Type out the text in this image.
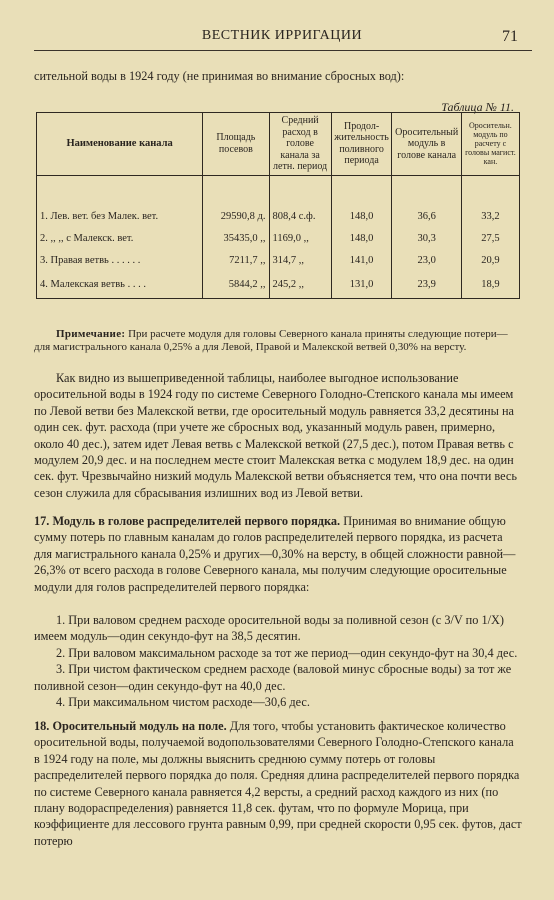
ВЕСТНИК ИРРИГАЦИИ	71
сительной воды в 1924 году (не принимая во внимание сбросных вод):
Таблица № 11.
Наименование канала	Площадь посевов	Средний расход в голове канала за летн. период	Продол-жительность поливного периода	Оросительный модуль в голове канала	Оросительн. модуль по расчету с головы магист. кан.

1. Лев. вет. без Малек. вет.	29590,8 д.	808,4 с.ф.	148,0	36,6	33,2
2. ,, ,, с Малекск. вет.	35435,0 ,,	1169,0 ,,	148,0	30,3	27,5
3. Правая ветвь . . . . . .	7211,7 ,,	314,7 ,,	141,0	23,0	20,9
4. Малекская ветвь . . . .	5844,2 ,,	245,2 ,,	131,0	23,9	18,9
Примечание: При расчете модуля для головы Северного канала приняты следующие потери—для магистрального канала 0,25% а для Левой, Правой и Малекской ветвей 0,30% на версту.
Как видно из вышеприведенной таблицы, наиболее выгодное использование оросительной воды в 1924 году по системе Северного Голодно-Степского канала мы имеем по Левой ветви без Малекской ветви, где оросительный модуль равняется 33,2 десятины на один сек. фут. расхода (при учете же сбросных вод, указанный модуль равен, примерно, около 40 дес.), затем идет Левая ветвь с Малекской веткой (27,5 дес.), потом Правая ветвь с модулем 20,9 дес. и на последнем месте стоит Малекская ветка с модулем 18,9 дес. на один сек. фут. Чрезвычайно низкий модуль Малекской ветви объясняется тем, что она почти весь сезон служила для сбрасывания излишних вод из Левой ветви.
17. Модуль в голове распределителей первого порядка. Принимая во внимание общую сумму потерь по главным каналам до голов распределителей первого порядка, из расчета для магистрального канала 0,25% и других—0,30% на версту, в общей сложности равной—26,3% от всего расхода в голове Северного канала, мы получим следующие оросительные модули для голов распределителей первого порядка:
1. При валовом среднем расходе оросительной воды за поливной сезон (с 3/V по 1/X) имеем модуль—один секундо-фут на 38,5 десятин.
2. При валовом максимальном расходе за тот же период—один секундо-фут на 30,4 дес.
3. При чистом фактическом среднем расходе (валовой минус сбросные воды) за тот же поливной сезон—один секундо-фут на 40,0 дес.
4. При максимальном чистом расходе—30,6 дес.
18. Оросительный модуль на поле. Для того, чтобы установить фактическое количество оросительной воды, получаемой водопользователями Северного Голодно-Степского канала в 1924 году на поле, мы должны выяснить среднюю сумму потерь от головы распределителей первого порядка до поля. Средняя длина распределителей первого порядка по системе Северного канала равняется 4,2 версты, а средний расход каждого из них (по плану водораспределения) равняется 11,8 сек. футам, что по формуле Морица, при коэффициенте для лессового грунта равным 0,99, при средней скорости 0,95 сек. футов, даст потерю
